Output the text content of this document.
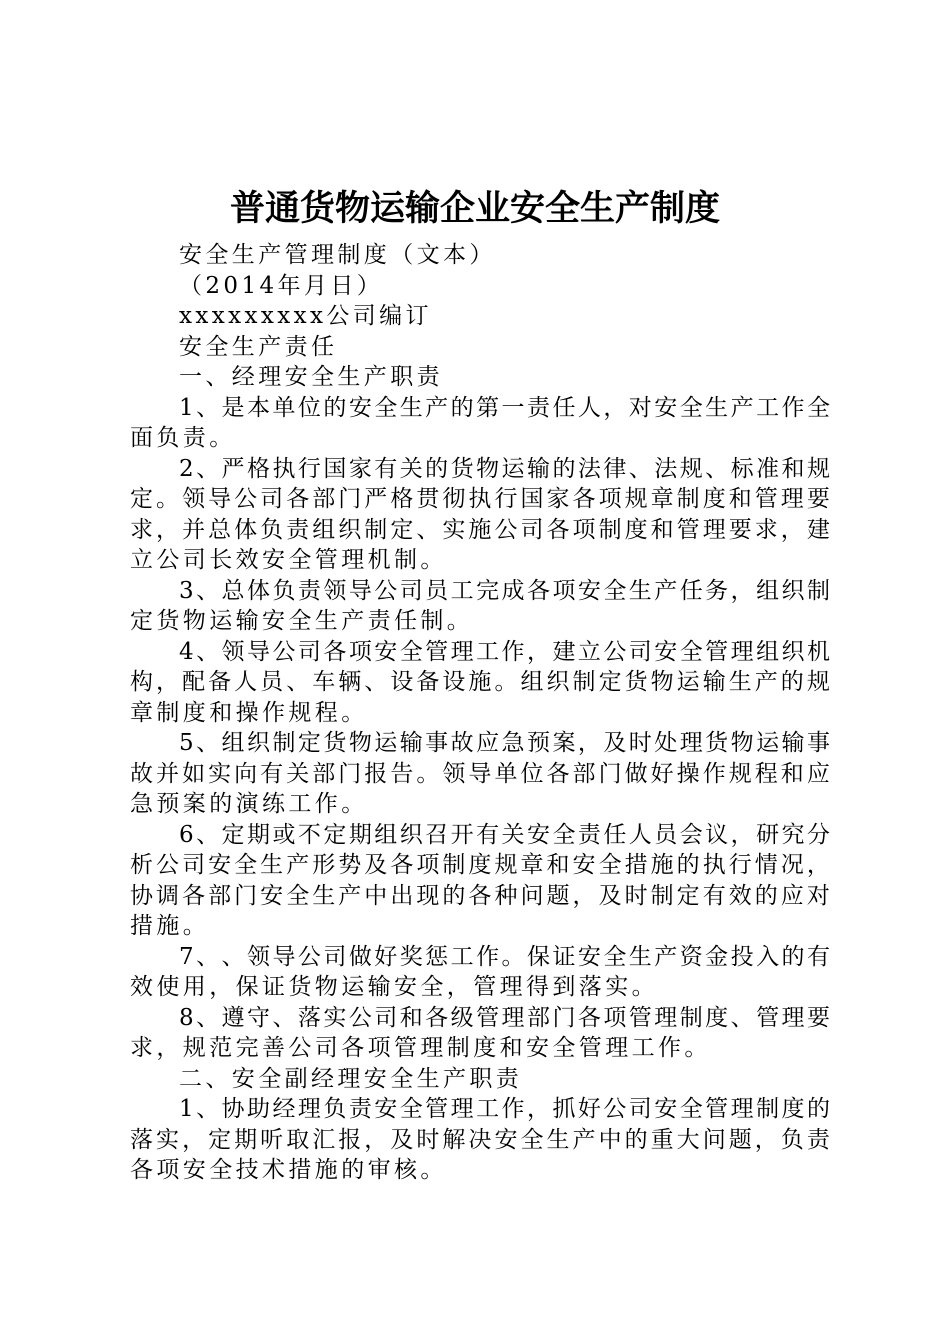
普通货物运输企业安全生产制度
安全生产管理制度（文本）
（2014年月日）
xxxxxxxxx公司编订
安全生产责任
一、经理安全生产职责
1 、 是 本 单 位 的 安 全 生 产 的 第 一 责 任 人 ， 对 安 全 生 产 工 作 全
面负责。
2 、 严 格 执 行 国 家 有 关 的 货 物 运 输 的 法 律 、 法 规 、 标 准 和 规
定 。 领 导 公 司 各 部 门 严 格 贯 彻 执 行 国 家 各 项 规 章 制 度 和 管 理 要
求 ， 并 总 体 负 责 组 织 制 定 、 实 施 公 司 各 项 制 度 和 管 理 要 求 ， 建
立公司长效安全管理机制。
3 、 总 体 负 责 领 导 公 司 员 工 完 成 各 项 安 全 生 产 任 务 ， 组 织 制
定货物运输安全生产责任制。
4 、 领 导 公 司 各 项 安 全 管 理 工 作 ， 建 立 公 司 安 全 管 理 组 织 机
构 ， 配 备 人 员 、 车 辆 、 设 备 设 施 。 组 织 制 定 货 物 运 输 生 产 的 规
章制度和操作规程。
5 、 组 织 制 定 货 物 运 输 事 故 应 急 预 案 ， 及 时 处 理 货 物 运 输 事
故 并 如 实 向 有 关 部 门 报 告 。 领 导 单 位 各 部 门 做 好 操 作 规 程 和 应
急预案的演练工作。
6 、 定 期 或 不 定 期 组 织 召 开 有 关 安 全 责 任 人 员 会 议 ， 研 究 分
析 公 司 安 全 生 产 形 势 及 各 项 制 度 规 章 和 安 全 措 施 的 执 行 情 况 ，
协 调 各 部 门 安 全 生 产 中 出 现 的 各 种 问 题 ， 及 时 制 定 有 效 的 应 对
措施。
7 、 、 领 导 公 司 做 好 奖 惩 工 作 。 保 证 安 全 生 产 资 金 投 入 的 有
效使用，保证货物运输安全，管理得到落实。
8 、 遵 守 、 落 实 公 司 和 各 级 管 理 部 门 各 项 管 理 制 度 、 管 理 要
求，规范完善公司各项管理制度和安全管理工作。
二、安全副经理安全生产职责
1 、 协 助 经 理 负 责 安 全 管 理 工 作 ， 抓 好 公 司 安 全 管 理 制 度 的
落 实 ， 定 期 听 取 汇 报 ， 及 时 解 决 安 全 生 产 中 的 重 大 问 题 ， 负 责
各项安全技术措施的审核。
